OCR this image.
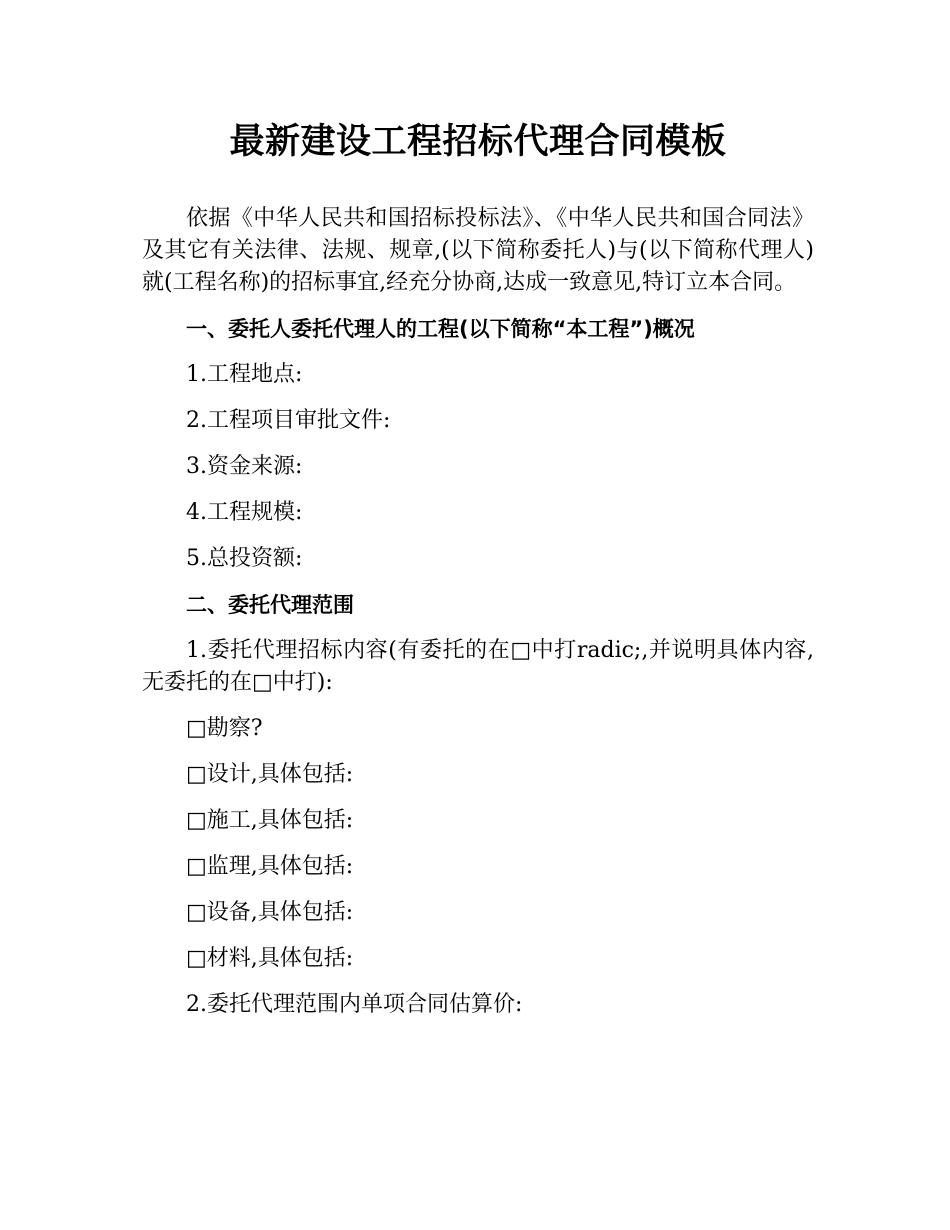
最新建设工程招标代理合同模板

依据《中华人民共和国招标投标法》、《中华人民共和国合同法》及其它有关法律、法规、规章,(以下简称委托人)与(以下简称代理人)就(工程名称)的招标事宜,经充分协商,达成一致意见,特订立本合同。

一、委托人委托代理人的工程(以下简称“本工程”)概况

1.工程地点:

2.工程项目审批文件:

3.资金来源:

4.工程规模:

5.总投资额:

二、委托代理范围

1.委托代理招标内容(有委托的在□中打radic;,并说明具体内容,无委托的在□中打):

□勘察?

□设计,具体包括:

□施工,具体包括:

□监理,具体包括:

□设备,具体包括:

□材料,具体包括:

2.委托代理范围内单项合同估算价:
